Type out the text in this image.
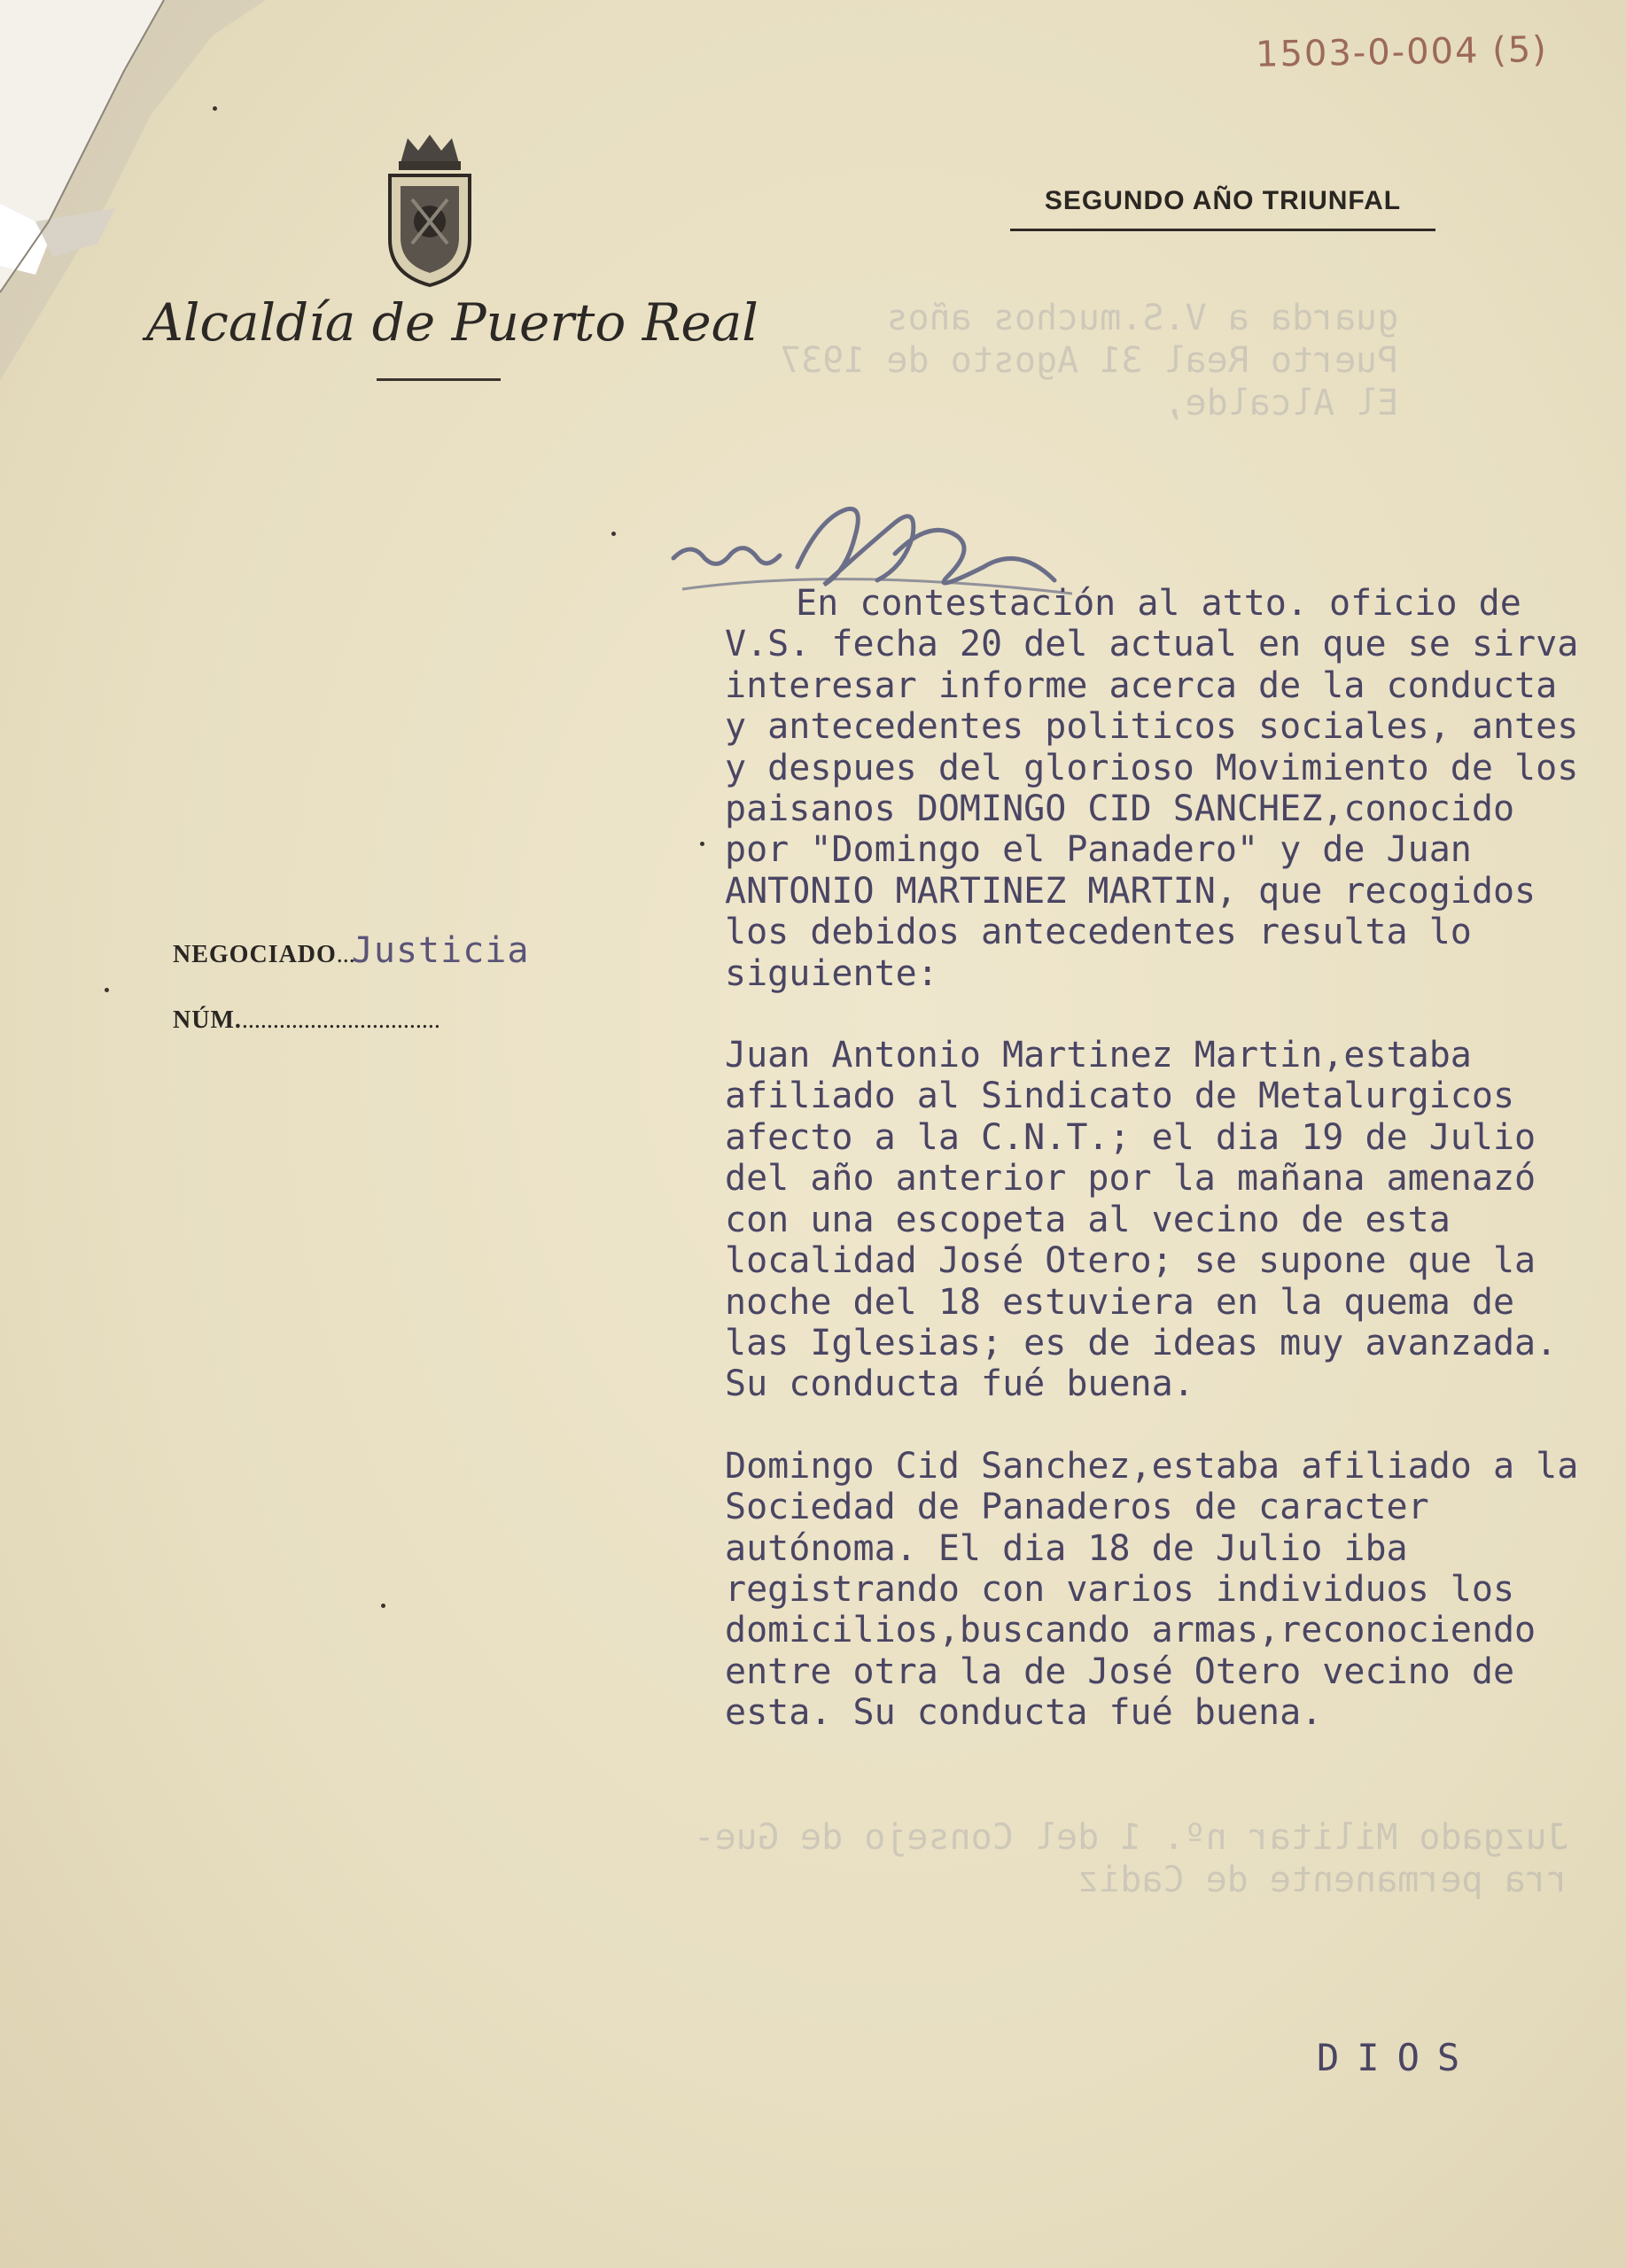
1503-0-004 (5)
SEGUNDO AÑO TRIUNFAL
Alcaldía de Puerto Real	guarda a V.S.muchos años
Puerto Real 31 Agosto de 1937
El Alcalde,
NEGOCIADO ...
Justicia
NÚM. ................................

En contestación al atto. oficio de V.S. fecha 20 del actual en que se sirva interesar informe acerca de la conducta y antecedentes politicos sociales, antes y despues del glorioso Movimiento de los paisanos DOMINGO CID SANCHEZ,conocido por "Domingo el Panadero" y de Juan ANTONIO MARTINEZ MARTIN, que recogidos los debidos antecedentes resulta lo siguiente:

Juan Antonio Martinez Martin,estaba afiliado al Sindicato de Metalurgicos afecto a la C.N.T.; el dia 19 de Julio del año anterior por la mañana amenazó con una escopeta al vecino de esta localidad José Otero; se supone que la noche del 18 estuviera en la quema de las Iglesias; es de ideas muy avanzada. Su conducta fué buena.

Domingo Cid Sanchez,estaba afiliado a la Sociedad de Panaderos de caracter autónoma. El dia 18 de Julio iba registrando con varios individuos los domicilios,buscando armas,reconociendo entre otra la de José Otero vecino de esta. Su conducta fué buena.

Juzgado Militar nº. 1 del Consejo de Gue-
rra permanente de Cadiz
DIOS
